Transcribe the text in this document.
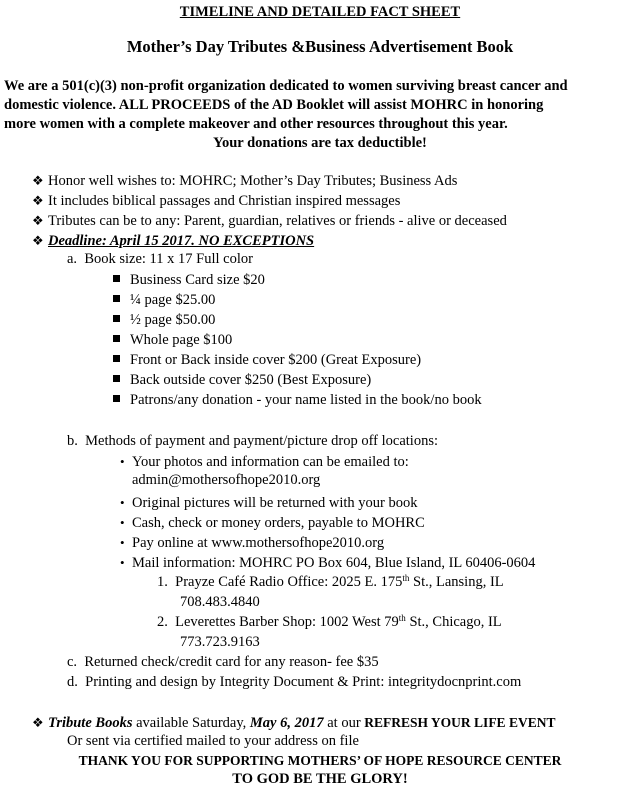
TIMELINE AND DETAILED FACT SHEET
Mother’s Day Tributes &Business Advertisement Book
We are a 501(c)(3) non-profit organization dedicated to women surviving breast cancer and
domestic violence. ALL PROCEEDS of the AD Booklet will assist MOHRC in honoring
more women with a complete makeover and other resources throughout this year.
Your donations are tax deductible!
❖ Honor well wishes to: MOHRC; Mother’s Day Tributes; Business Ads
❖ It includes biblical passages and Christian inspired messages
❖ Tributes can be to any: Parent, guardian, relatives or friends - alive or deceased
❖ Deadline: April 15 2017. NO EXCEPTIONS
a. Book size: 11 x 17 Full color
Business Card size $20
¼ page $25.00
½ page $50.00
Whole page $100
Front or Back inside cover $200 (Great Exposure)
Back outside cover $250 (Best Exposure)
Patrons/any donation - your name listed in the book/no book
b. Methods of payment and payment/picture drop off locations:
• Your photos and information can be emailed to:
admin@mothersofhope2010.org
• Original pictures will be returned with your book
• Cash, check or money orders, payable to MOHRC
• Pay online at www.mothersofhope2010.org
• Mail information: MOHRC PO Box 604, Blue Island, IL 60406-0604
1. Prayze Café Radio Office: 2025 E. 175th St., Lansing, IL
708.483.4840
2. Leverettes Barber Shop: 1002 West 79th St., Chicago, IL
773.723.9163
c. Returned check/credit card for any reason- fee $35
d. Printing and design by Integrity Document & Print: integritydocnprint.com
❖ Tribute Books available Saturday, May 6, 2017 at our REFRESH YOUR LIFE EVENT
Or sent via certified mailed to your address on file
THANK YOU FOR SUPPORTING MOTHERS’ OF HOPE RESOURCE CENTER
TO GOD BE THE GLORY!
